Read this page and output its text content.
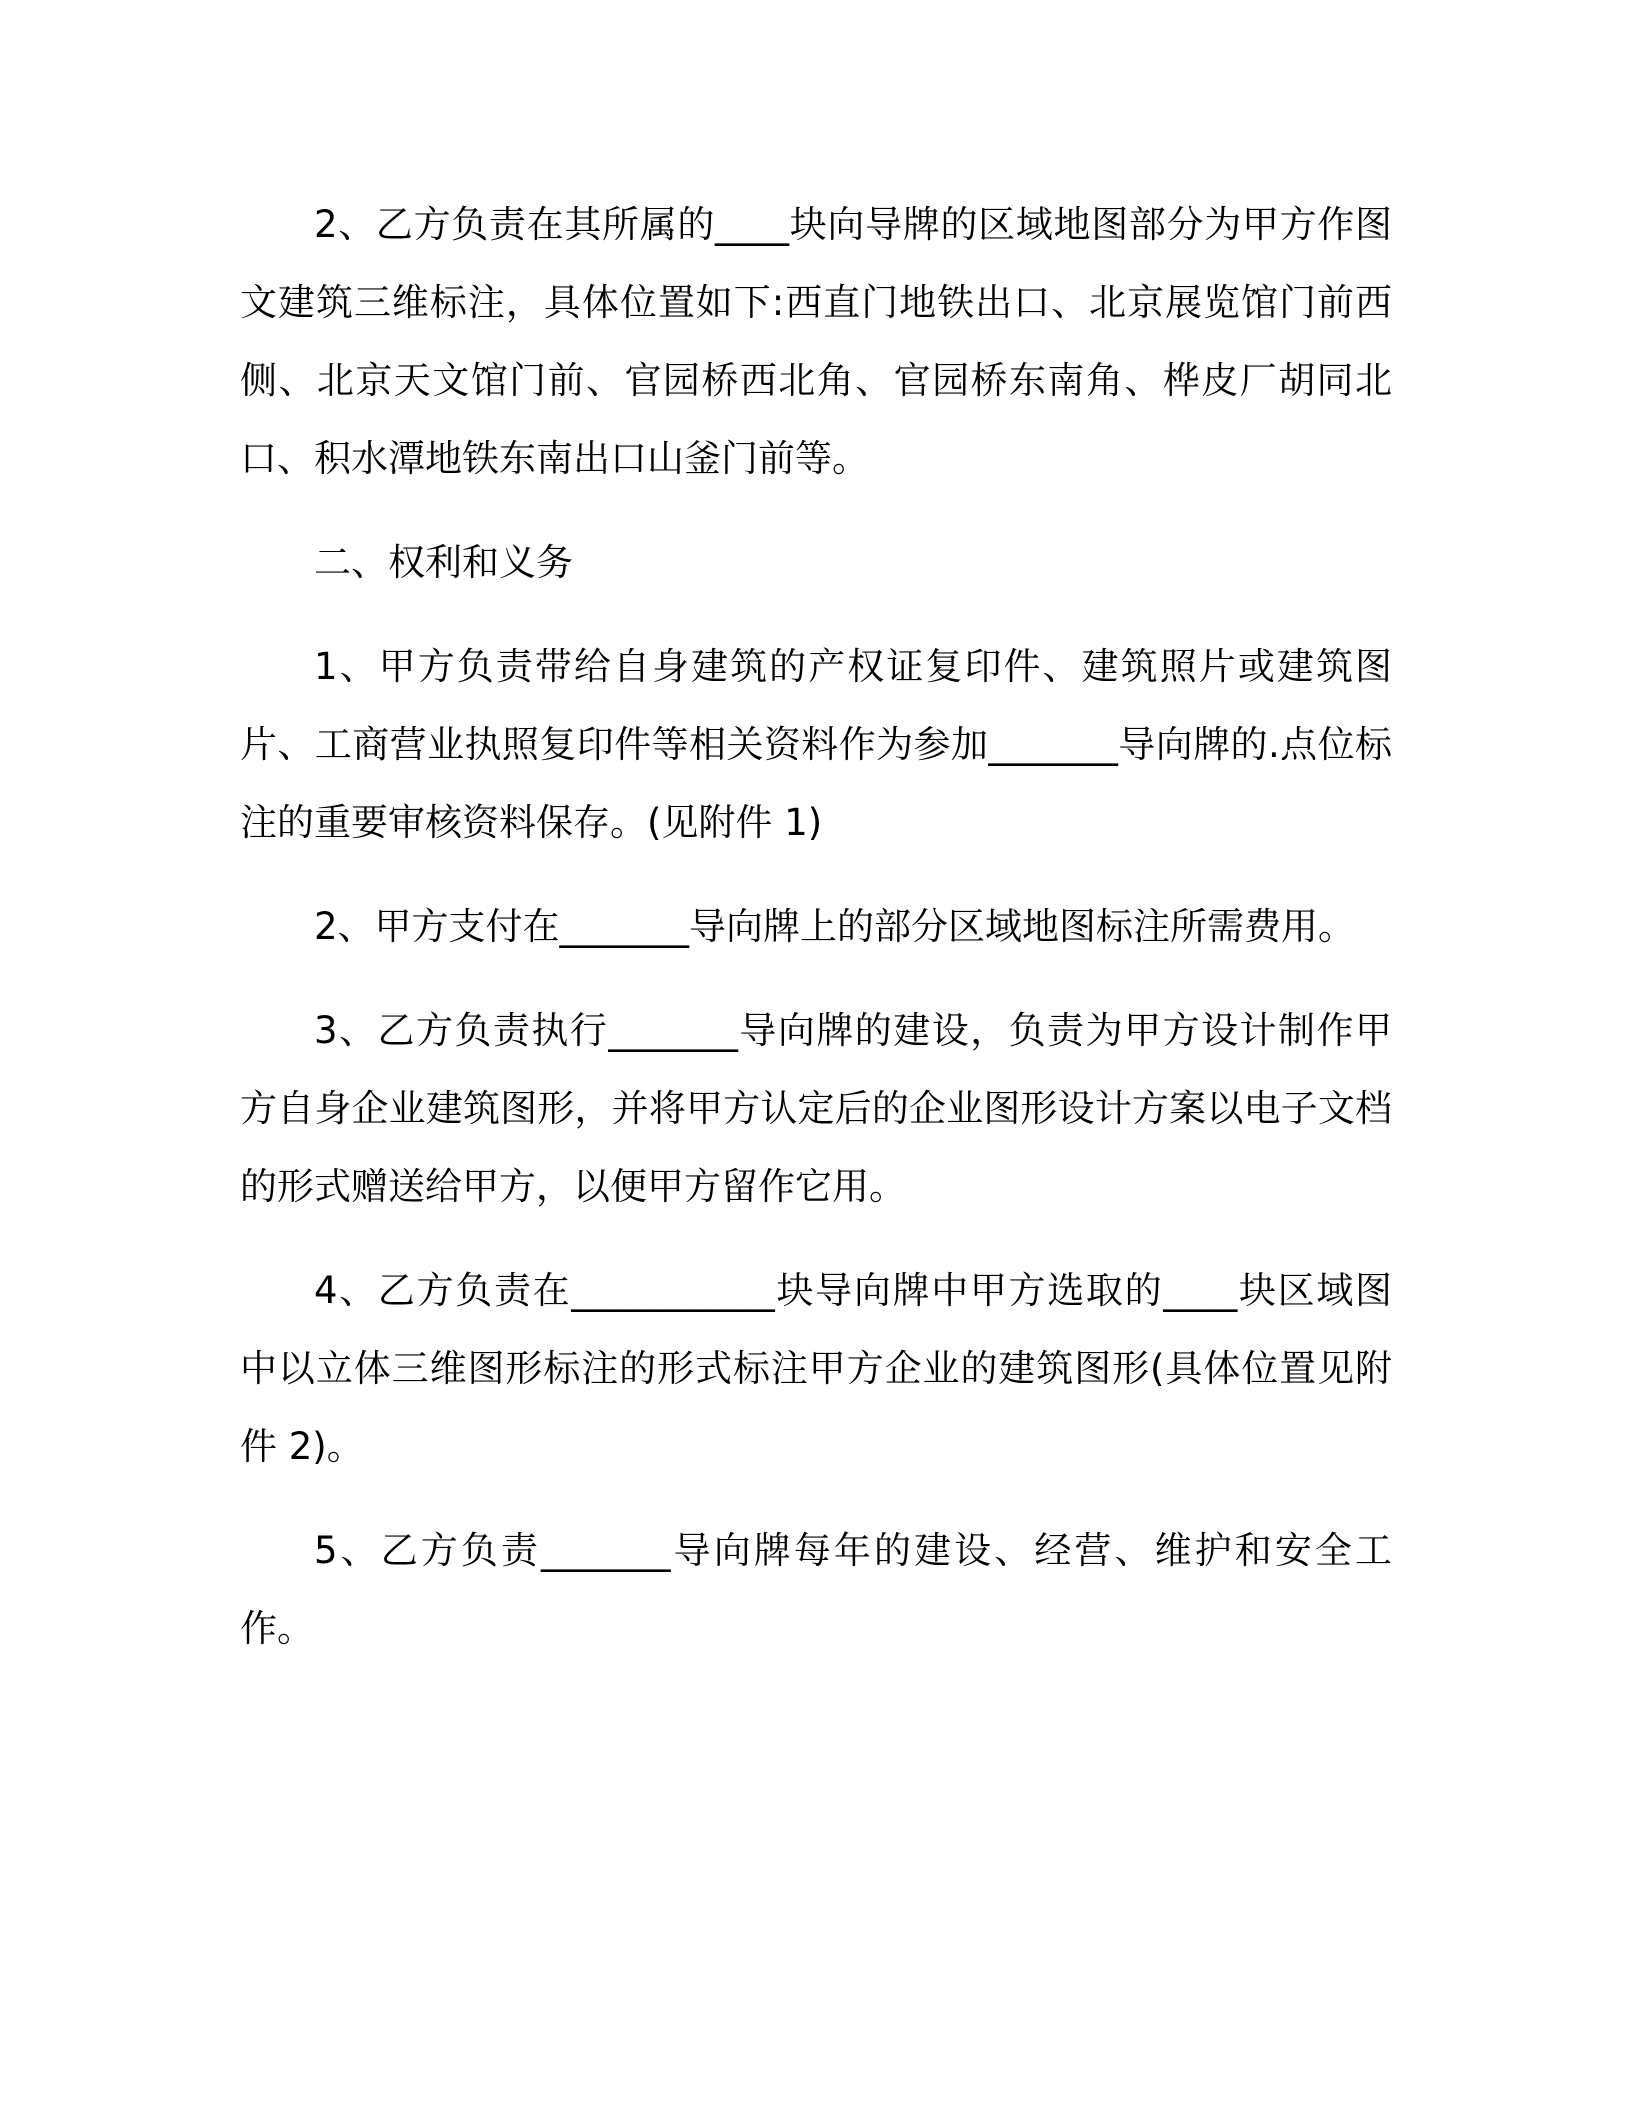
2、乙方负责在其所属的____块向导牌的区域地图部分为甲方作图文建筑三维标注，具体位置如下:西直门地铁出口、北京展览馆门前西侧、北京天文馆门前、官园桥西北角、官园桥东南角、桦皮厂胡同北口、积水潭地铁东南出口山釜门前等。

二、权利和义务

1、甲方负责带给自身建筑的产权证复印件、建筑照片或建筑图片、工商营业执照复印件等相关资料作为参加_______导向牌的.点位标注的重要审核资料保存。(见附件 1)

2、甲方支付在_______导向牌上的部分区域地图标注所需费用。

3、乙方负责执行_______导向牌的建设，负责为甲方设计制作甲方自身企业建筑图形，并将甲方认定后的企业图形设计方案以电子文档的形式赠送给甲方，以便甲方留作它用。

4、乙方负责在___________块导向牌中甲方选取的____块区域图中以立体三维图形标注的形式标注甲方企业的建筑图形(具体位置见附件 2)。

5、乙方负责_______导向牌每年的建设、经营、维护和安全工作。
